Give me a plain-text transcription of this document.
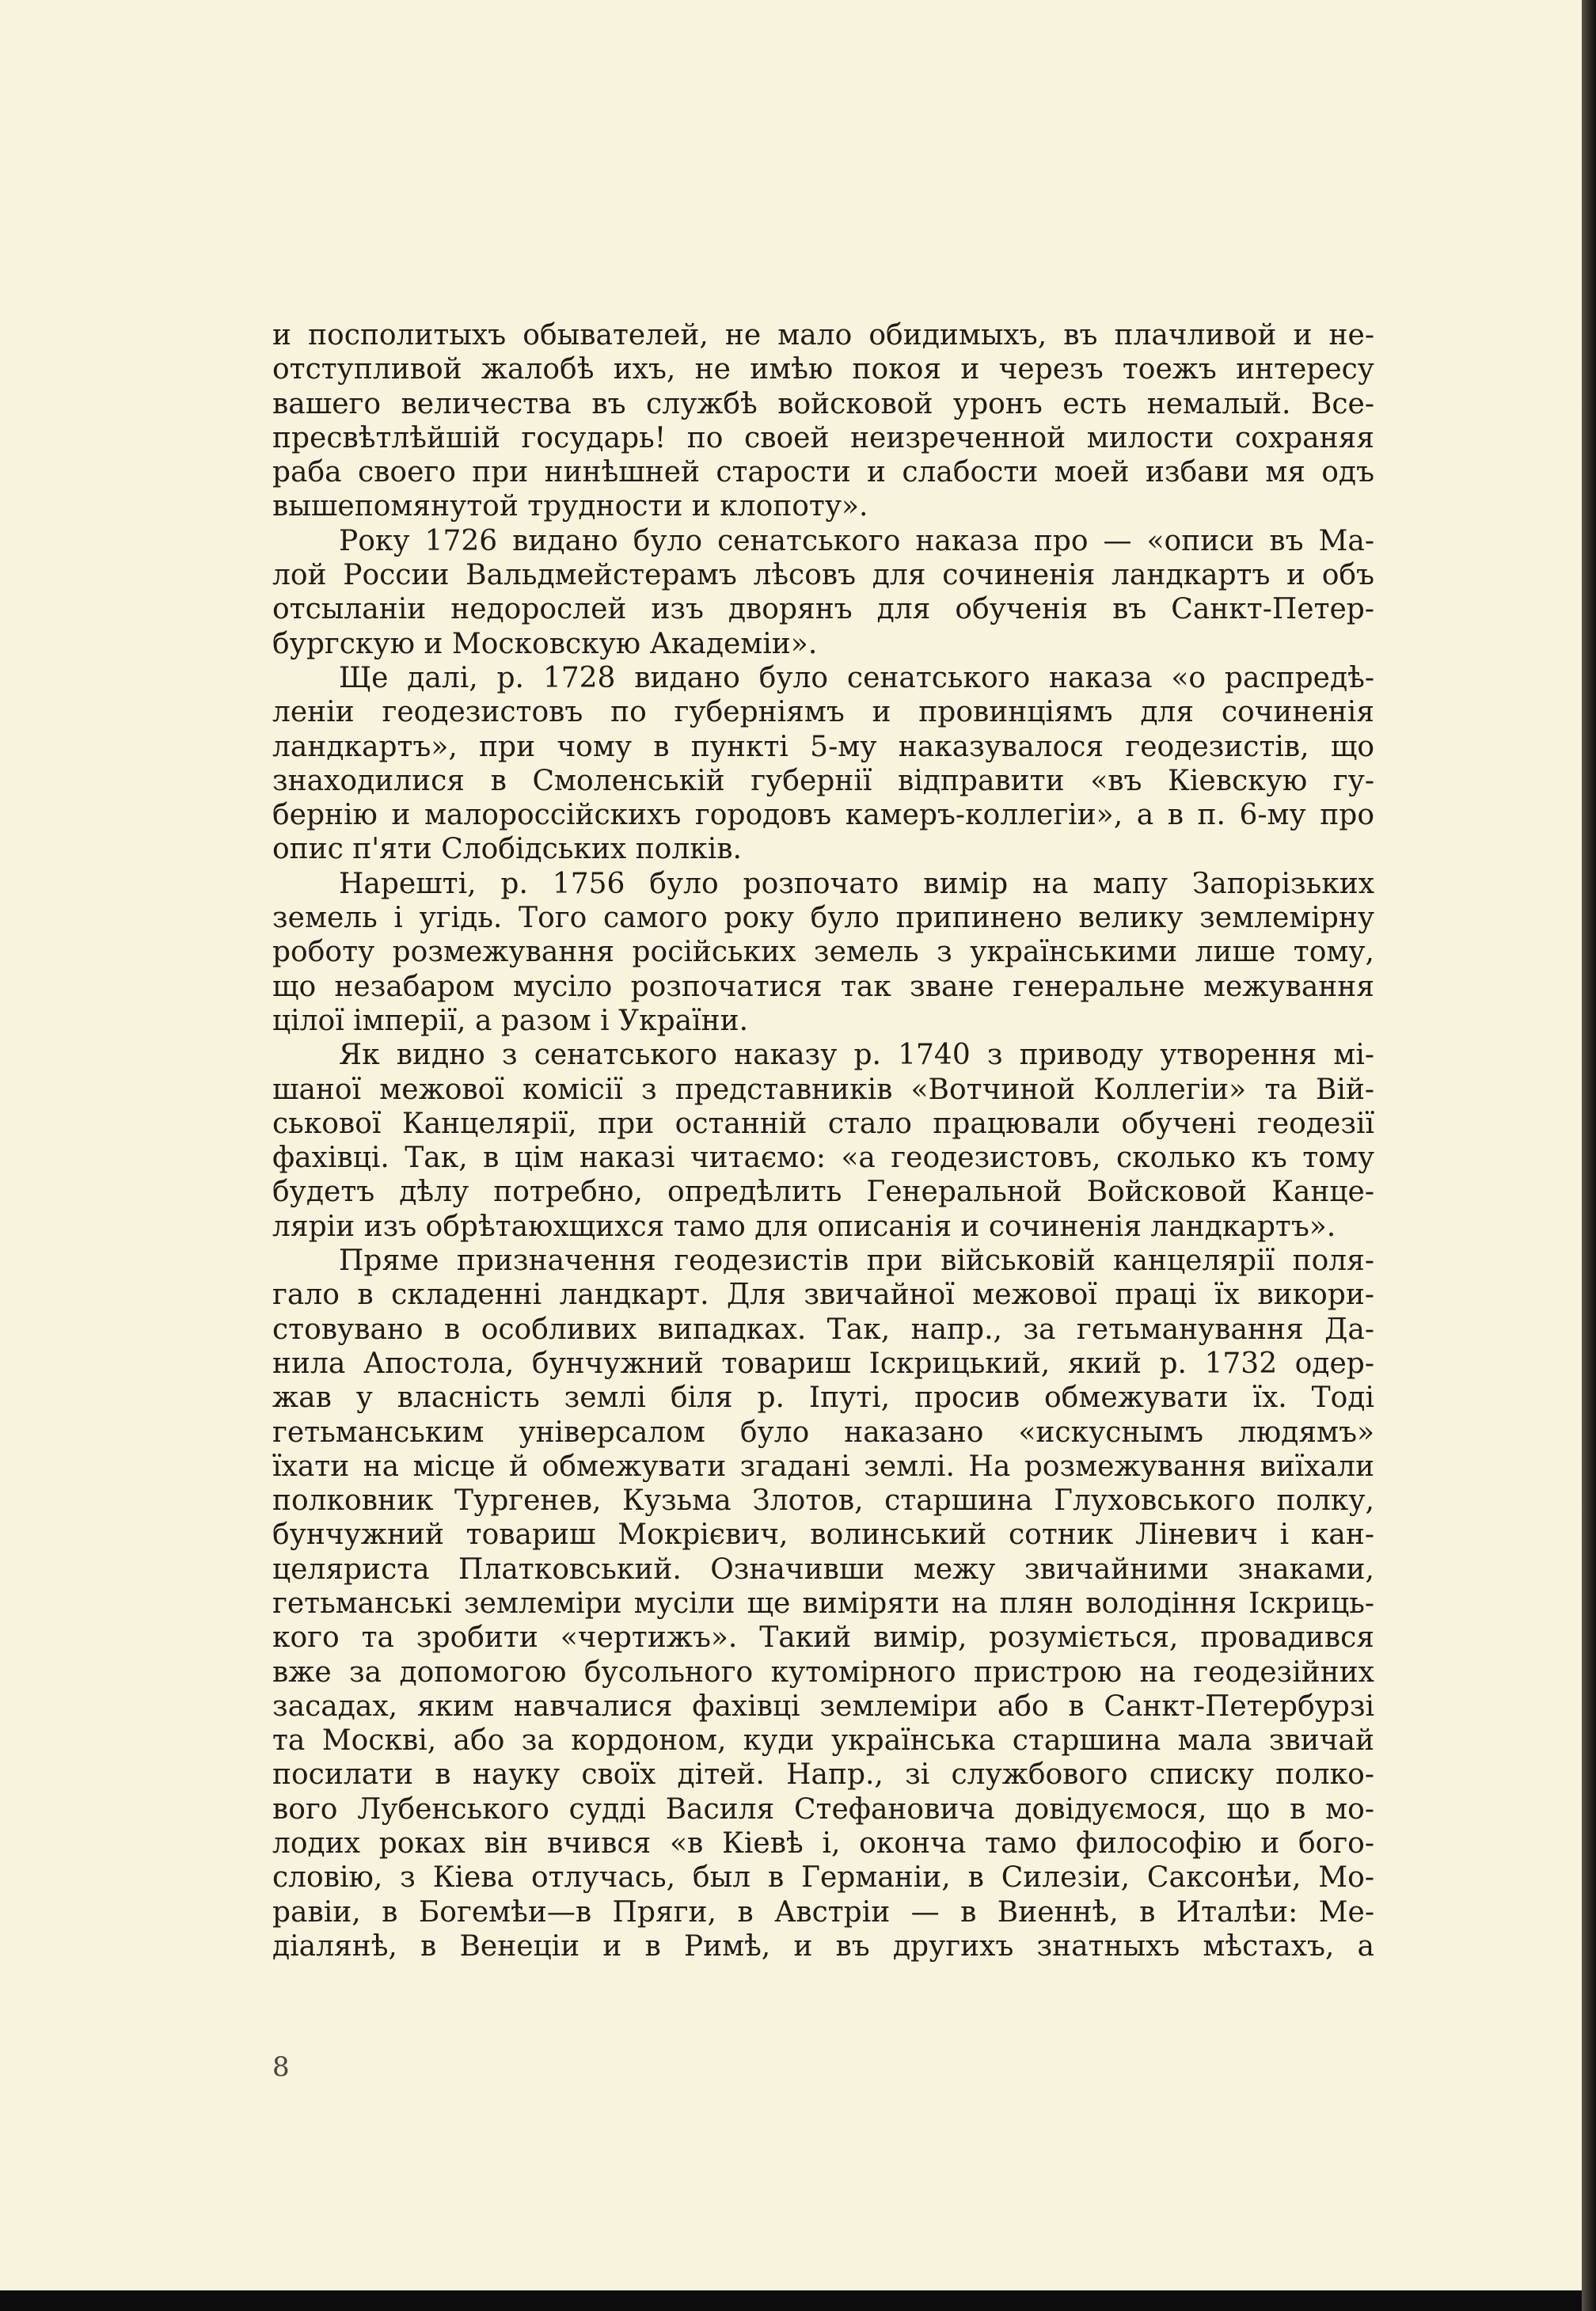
и посполитыхъ обывателей, не мало обидимыхъ, въ плачливой и не-
отступливой жалобѣ ихъ, не имѣю покоя и черезъ тоежъ интересу
вашего величества въ службѣ войсковой уронъ есть немалый. Все-
пресвѣтлѣйшій государь! по своей неизреченной милости сохраняя
раба своего при нинѣшней старости и слабости моей избави мя одъ
вышепомянутой трудности и клопоту».

Року 1726 видано було сенатського наказа про — «описи въ Ма-
лой России Вальдмейстерамъ лѣсовъ для сочиненія ландкартъ и объ
отсыланіи недорослей изъ дворянъ для обученія въ Санкт-Петер-
бургскую и Московскую Академіи».

Ще далі, р. 1728 видано було сенатського наказа «о распредѣ-
леніи геодезистовъ по губерніямъ и провинціямъ для сочиненія
ландкартъ», при чому в пункті 5-му наказувалося геодезистів, що
знаходилися в Смоленській губернії відправити «въ Кіевскую гу-
бернію и малороссійскихъ городовъ камеръ-коллегіи», а в п. 6-му про
опис п'яти Слобідських полків.

Нарешті, р. 1756 було розпочато вимір на мапу Запорізьких
земель і угідь. Того самого року було припинено велику землемірну
роботу розмежування російських земель з українськими лише тому,
що незабаром мусіло розпочатися так зване генеральне межування
цілої імперії, а разом і України.

Як видно з сенатського наказу р. 1740 з приводу утворення мі-
шаної межової комісії з представників «Вотчиной Коллегіи» та Вій-
ськової Канцелярії, при останній стало працювали обучені геодезії
фахівці. Так, в цім наказі читаємо: «а геодезистовъ, сколько къ тому
будетъ дѣлу потребно, опредѣлить Генеральной Войсковой Канце-
ляріи изъ обрѣтаюхщихся тамо для описанія и сочиненія ландкартъ».

Пряме призначення геодезистів при військовій канцелярії поля-
гало в складенні ландкарт. Для звичайної межової праці їх викори-
стовувано в особливих випадках. Так, напр., за гетьманування Да-
нила Апостола, бунчужний товариш Іскрицький, який р. 1732 одер-
жав у власність землі біля р. Іпуті, просив обмежувати їх. Тоді
гетьманським універсалом було наказано «искуснымъ людямъ»
їхати на місце й обмежувати згадані землі. На розмежування виїхали
полковник Тургенев, Кузьма Злотов, старшина Глуховського полку,
бунчужний товариш Мокрієвич, волинський сотник Ліневич і кан-
целяриста Платковський. Означивши межу звичайними знаками,
гетьманські землеміри мусіли ще виміряти на плян володіння Іскриць-
кого та зробити «чертижъ». Такий вимір, розуміється, провадився
вже за допомогою бусольного кутомірного пристрою на геодезійних
засадах, яким навчалися фахівці землеміри або в Санкт-Петербурзі
та Москві, або за кордоном, куди українська старшина мала звичай
посилати в науку своїх дітей. Напр., зі службового списку полко-
вого Лубенського судді Василя Стефановича довідуємося, що в мо-
лодих роках він вчився «в Кіевѣ і, оконча тамо философію и бого-
словію, з Кіева отлучась, был в Германіи, в Силезіи, Саксонѣи, Мо-
равіи, в Богемѣи—в Пряги, в Австріи — в Виеннѣ, в Италѣи: Ме-
діалянѣ, в Венеціи и в Римѣ, и въ другихъ знатныхъ мѣстахъ, а

8
